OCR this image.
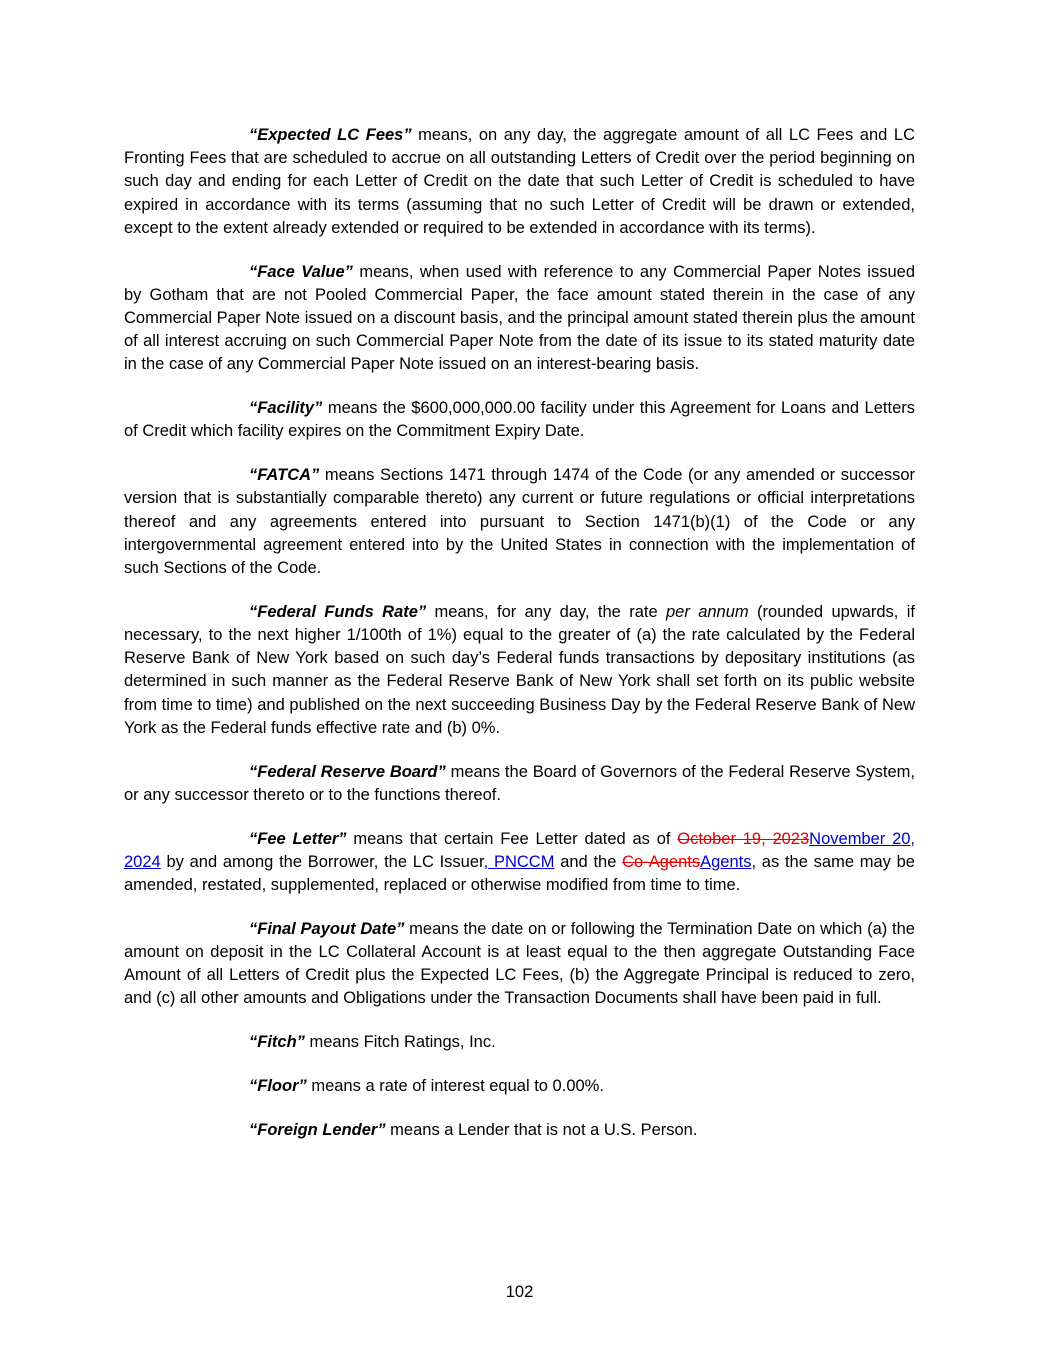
“Expected LC Fees” means, on any day, the aggregate amount of all LC Fees and LC Fronting Fees that are scheduled to accrue on all outstanding Letters of Credit over the period beginning on such day and ending for each Letter of Credit on the date that such Letter of Credit is scheduled to have expired in accordance with its terms (assuming that no such Letter of Credit will be drawn or extended, except to the extent already extended or required to be extended in accordance with its terms).

“Face Value” means, when used with reference to any Commercial Paper Notes issued by Gotham that are not Pooled Commercial Paper, the face amount stated therein in the case of any Commercial Paper Note issued on a discount basis, and the principal amount stated therein plus the amount of all interest accruing on such Commercial Paper Note from the date of its issue to its stated maturity date in the case of any Commercial Paper Note issued on an interest-bearing basis.

“Facility” means the $600,000,000.00 facility under this Agreement for Loans and Letters of Credit which facility expires on the Commitment Expiry Date.

“FATCA” means Sections 1471 through 1474 of the Code (or any amended or successor version that is substantially comparable thereto) any current or future regulations or official interpretations thereof and any agreements entered into pursuant to Section 1471(b)(1) of the Code or any intergovernmental agreement entered into by the United States in connection with the implementation of such Sections of the Code.

“Federal Funds Rate” means, for any day, the rate per annum (rounded upwards, if necessary, to the next higher 1/100th of 1%) equal to the greater of (a) the rate calculated by the Federal Reserve Bank of New York based on such day’s Federal funds transactions by depositary institutions (as determined in such manner as the Federal Reserve Bank of New York shall set forth on its public website from time to time) and published on the next succeeding Business Day by the Federal Reserve Bank of New York as the Federal funds effective rate and (b) 0%.

“Federal Reserve Board” means the Board of Governors of the Federal Reserve System, or any successor thereto or to the functions thereof.

“Fee Letter” means that certain Fee Letter dated as of October 19, 2023November 20, 2024 by and among the Borrower, the LC Issuer, PNCCM and the Co-AgentsAgents, as the same may be amended, restated, supplemented, replaced or otherwise modified from time to time.

“Final Payout Date” means the date on or following the Termination Date on which (a) the amount on deposit in the LC Collateral Account is at least equal to the then aggregate Outstanding Face Amount of all Letters of Credit plus the Expected LC Fees, (b) the Aggregate Principal is reduced to zero, and (c) all other amounts and Obligations under the Transaction Documents shall have been paid in full.

“Fitch” means Fitch Ratings, Inc.

“Floor” means a rate of interest equal to 0.00%.

“Foreign Lender” means a Lender that is not a U.S. Person.

102
